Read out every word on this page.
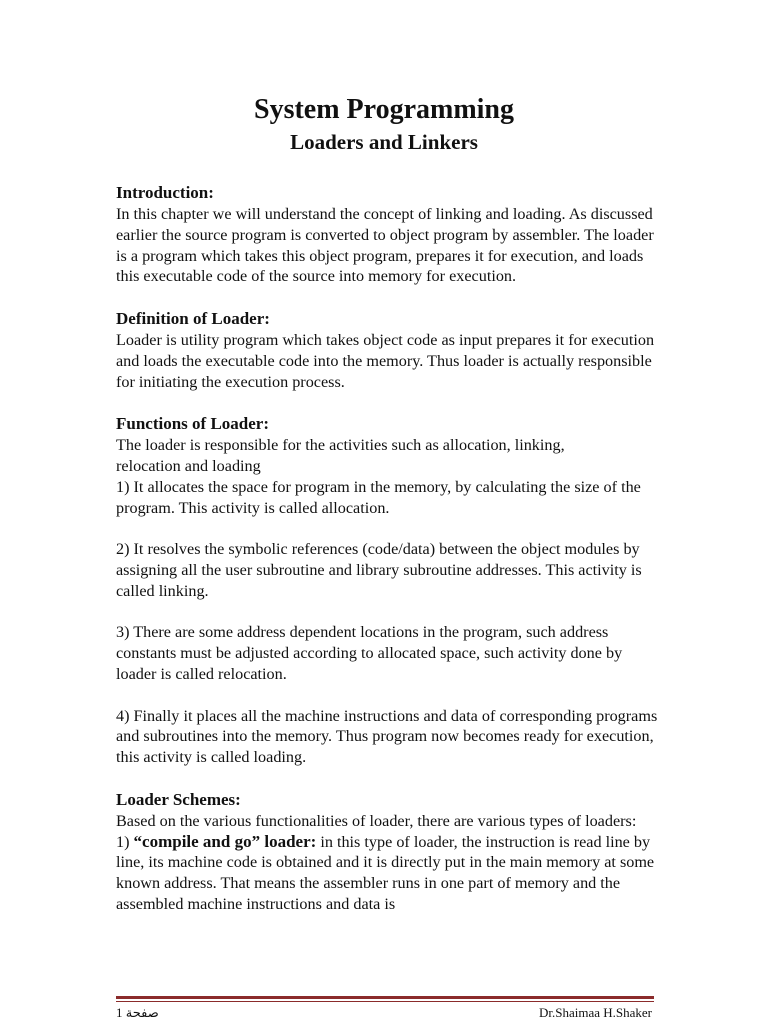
System Programming
Loaders and Linkers

Introduction:

In this chapter we will understand the concept of linking and loading. As discussed earlier the source program is converted to object program by assembler. The loader is a program which takes this object program, prepares it for execution, and loads this executable code of the source into memory for execution.

Definition of Loader:

Loader is utility program which takes object code as input prepares it for execution and loads the executable code into the memory. Thus loader is actually responsible for initiating the execution process.

Functions of Loader:

The loader is responsible for the activities such as allocation, linking,

relocation and loading

1) It allocates the space for program in the memory, by calculating the size of the program. This activity is called allocation.

2) It resolves the symbolic references (code/data) between the object modules by assigning all the user subroutine and library subroutine addresses. This activity is called linking.

3) There are some address dependent locations in the program, such address constants must be adjusted according to allocated space, such activity done by loader is called relocation.

4) Finally it places all the machine instructions and data of corresponding programs and subroutines into the memory. Thus program now becomes ready for execution, this activity is called loading.

Loader Schemes:

Based on the various functionalities of loader, there are various types of loaders:

1) “compile and go” loader: in this type of loader, the instruction is read line by line, its machine code is obtained and it is directly put in the main memory at some known address. That means the assembler runs in one part of memory and the assembled machine instructions and data is

صفحة 1	Dr.Shaimaa H.Shaker
